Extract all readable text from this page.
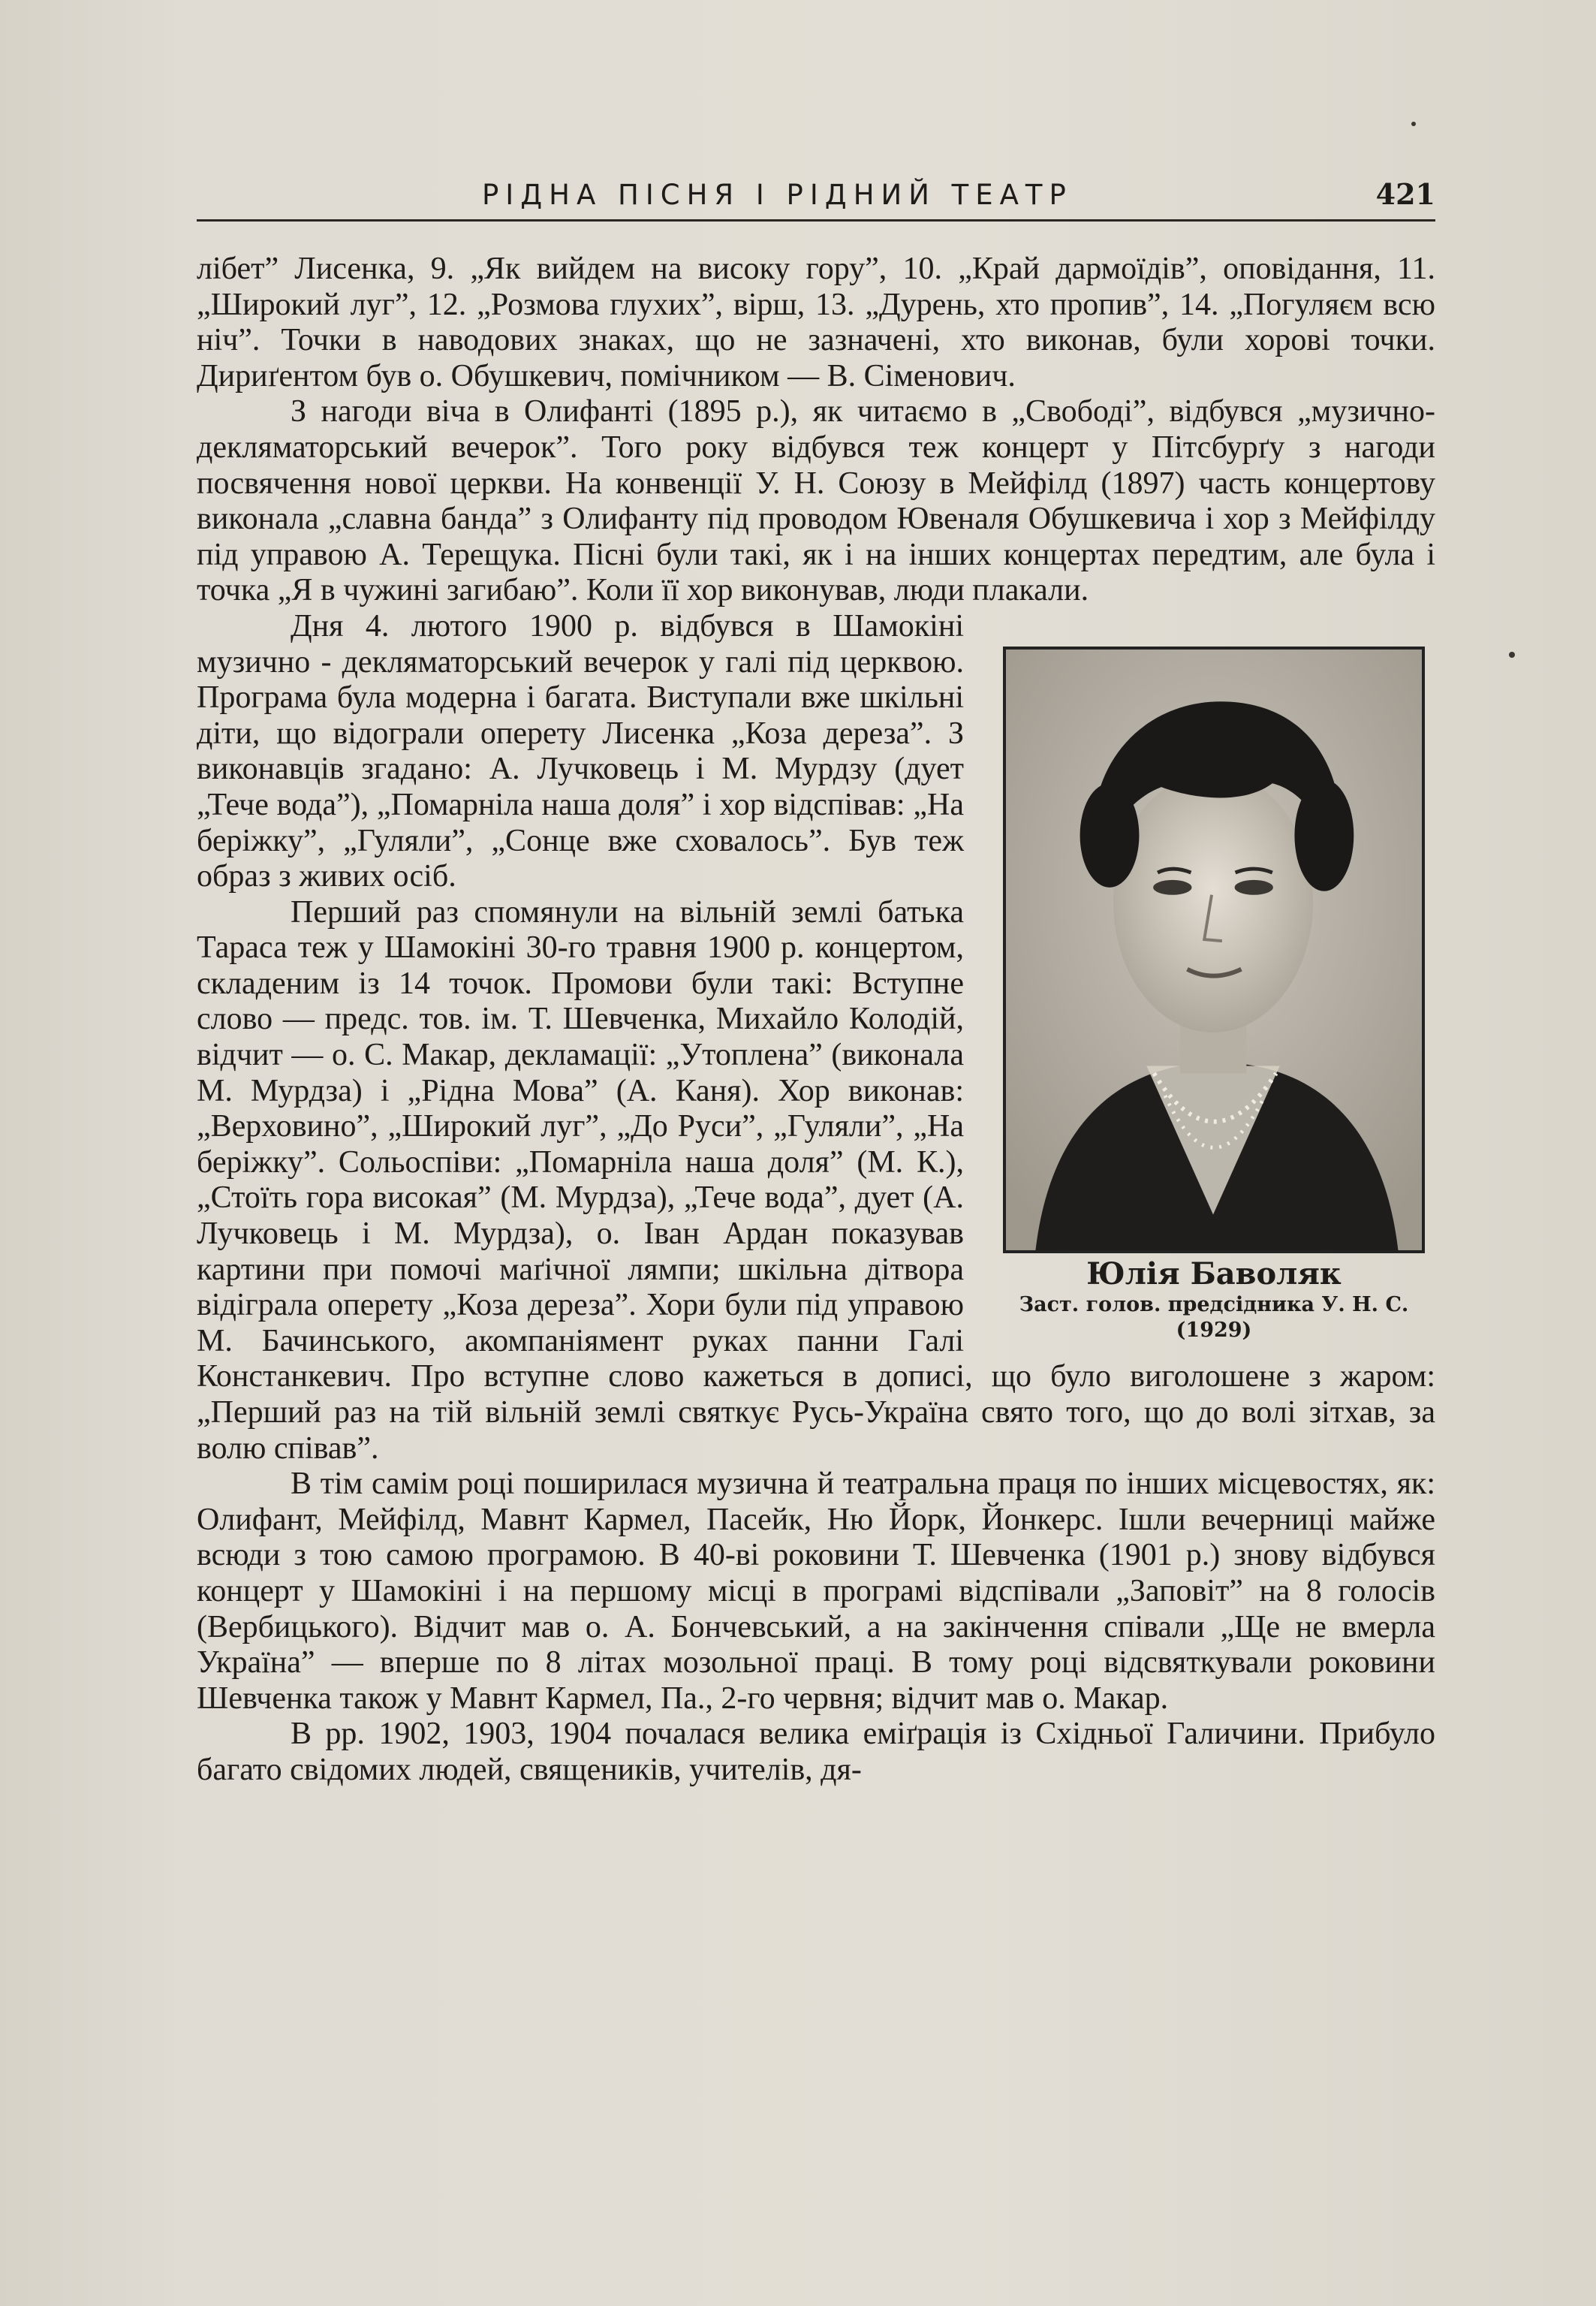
РІДНА ПІСНЯ І РІДНИЙ ТЕАТР	421

лібет” Лисенка, 9. „Як вийдем на високу гору”, 10. „Край дармоїдів”, оповідання, 11. „Широкий луг”, 12. „Розмова глухих”, вірш, 13. „Дурень, хто пропив”, 14. „Погуляєм всю ніч”. Точки в наводових знаках, що не зазначені, хто виконав, були хорові точки. Дириґентом був о. Обушкевич, помічником — В. Сіменович.

З нагоди віча в Олифанті (1895 р.), як читаємо в „Свободі”, відбувся „музично-декляматорський вечерок”. Того року відбувся теж концерт у Пітсбурґу з нагоди посвячення нової церкви. На конвенції У. Н. Союзу в Мейфілд (1897) часть концертову виконала „славна банда” з Олифанту під проводом Ювеналя Обушкевича і хор з Мейфілду під управою А. Терещука. Пісні були такі, як і на інших концертах передтим, але була і точка „Я в чужині загибаю”. Коли її хор виконував, люди плакали.

Юлія Баволяк
Заст. голов. предсідника У. Н. С.
(1929)

Дня 4. лютого 1900 р. відбувся в Шамокіні музично - декляматорський вечерок у галі під церквою. Програма була модерна і багата. Виступали вже шкільні діти, що відограли оперету Лисенка „Коза дереза”. З виконавців згадано: А. Лучковець і М. Мурдзу (дует „Тече вода”), „Помарніла наша доля” і хор відспівав: „На беріжку”, „Гуляли”, „Сонце вже сховалось”. Був теж образ з живих осіб.

Перший раз спомянули на вільній землі батька Тараса теж у Шамокіні 30-го травня 1900 р. концертом, складеним із 14 точок. Промови були такі: Вступне слово — предс. тов. ім. Т. Шевченка, Михайло Колодій, відчит — о. С. Макар, декламації: „Утоплена” (виконала М. Мурдза) і „Рідна Мова” (А. Каня). Хор виконав: „Верховино”, „Широкий луг”, „До Руси”, „Гуляли”, „На беріжку”. Сольоспіви: „Помарніла наша доля” (М. К.), „Стоїть гора високая” (М. Мурдза), „Тече вода”, дует (А. Лучковець і М. Мурдза), о. Іван Ардан показував картини при помочі маґічної лямпи; шкільна дітвора відіграла оперету „Коза дереза”. Хори були під управою М. Бачинського, акомпаніямент руках панни Галі Констанкевич. Про вступне слово кажеться в дописі, що було виголошене з жаром: „Перший раз на тій вільній землі святкує Русь-Україна свято того, що до волі зітхав, за волю співав”.

В тім самім році поширилася музична й театральна праця по інших місцевостях, як: Олифант, Мейфілд, Мавнт Кармел, Пасейк, Ню Йорк, Йонкерс. Ішли вечерниці майже всюди з тою самою програмою. В 40-ві роковини Т. Шевченка (1901 р.) знову відбувся концерт у Шамокіні і на першому місці в програмі відспівали „Заповіт” на 8 голосів (Вербицького). Відчит мав о. А. Бончевський, а на закінчення співали „Ще не вмерла Україна” — вперше по 8 літах мозольної праці. В тому році відсвяткували роковини Шевченка також у Мавнт Кармел, Па., 2-го червня; відчит мав о. Макар.

В рр. 1902, 1903, 1904 почалася велика еміґрація із Східньої Галичини. Прибуло багато свідомих людей, священиків, учителів, дя-
